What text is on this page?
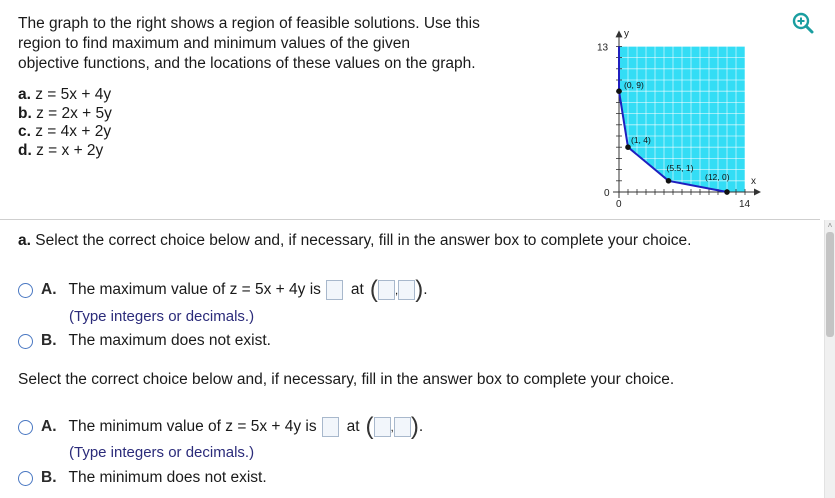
The graph to the right shows a region of feasible solutions. Use this
region to find maximum and minimum values of the given
objective functions, and the locations of these values on the graph.
a. z = 5x + 4y
b. z = 2x + 5y
c. z = 4x + 2y
d. z = x + 2y
(0, 9)
(1, 4)
(5.5, 1)
(12, 0)
y
x
13
0
0	14
˄
a. Select the correct choice below and, if necessary, fill in the answer box to complete your choice.
A. The maximum value of z = 5x + 4y is at ( , ) .
(Type integers or decimals.)
B. The maximum does not exist.
Select the correct choice below and, if necessary, fill in the answer box to complete your choice.
A. The minimum value of z = 5x + 4y is at ( , ) .
(Type integers or decimals.)
B. The minimum does not exist.
